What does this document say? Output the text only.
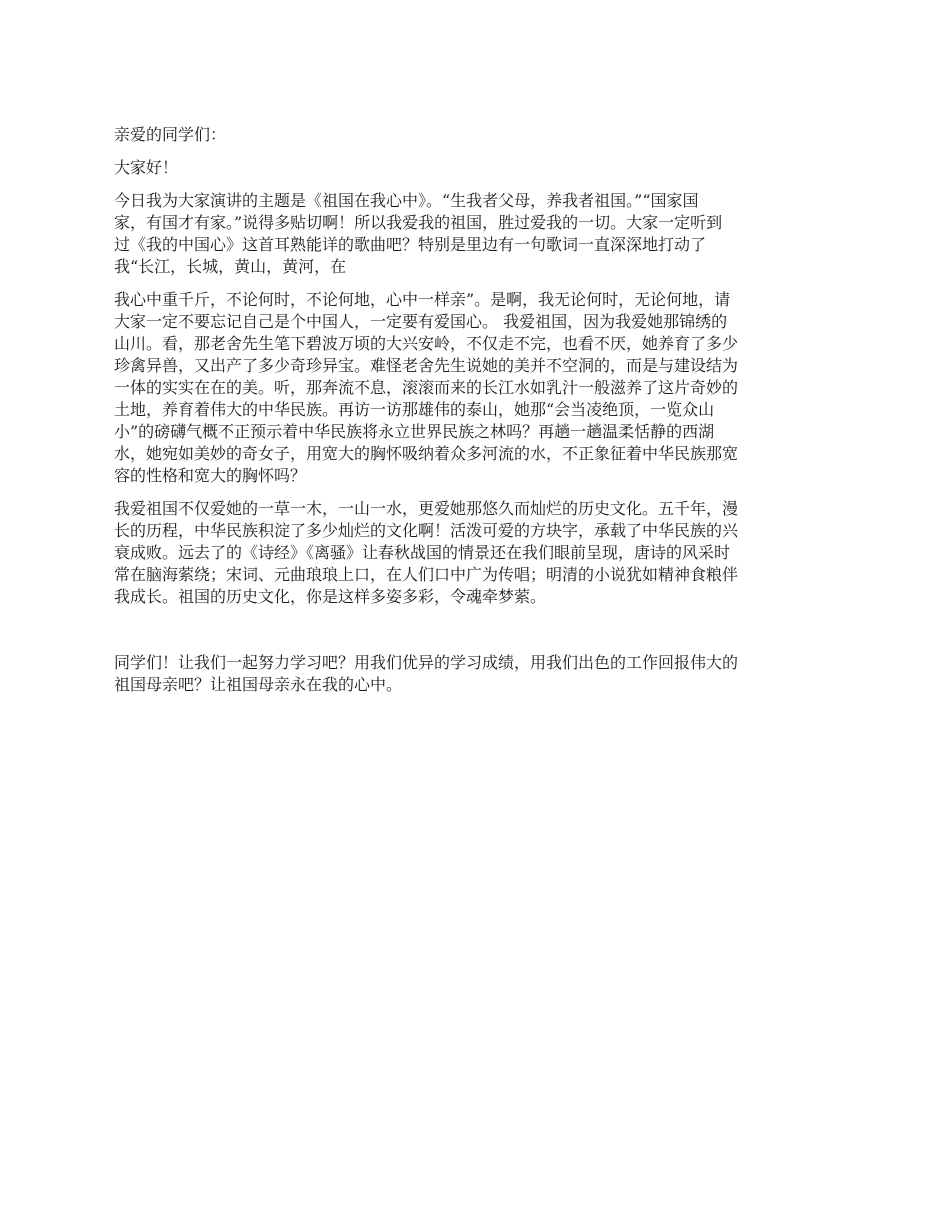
亲爱的同学们：

大家好！

今日我为大家演讲的主题是《祖国在我心中》。“生我者父母，养我者祖国。”“国家国
家，有国才有家。”说得多贴切啊！所以我爱我的祖国，胜过爱我的一切。大家一定听到
过《我的中国心》这首耳熟能详的歌曲吧？特别是里边有一句歌词一直深深地打动了
我“长江，长城，黄山，黄河，在

我心中重千斤，不论何时，不论何地，心中一样亲”。是啊，我无论何时，无论何地，请
大家一定不要忘记自己是个中国人，一定要有爱国心。 我爱祖国，因为我爱她那锦绣的
山川。看，那老舍先生笔下碧波万顷的大兴安岭，不仅走不完，也看不厌，她养育了多少
珍禽异兽，又出产了多少奇珍异宝。难怪老舍先生说她的美并不空洞的，而是与建设结为
一体的实实在在的美。听，那奔流不息，滚滚而来的长江水如乳汁一般滋养了这片奇妙的
土地，养育着伟大的中华民族。再访一访那雄伟的泰山，她那“会当凌绝顶，一览众山
小”的磅礴气概不正预示着中华民族将永立世界民族之林吗？再趟一趟温柔恬静的西湖
水，她宛如美妙的奇女子，用宽大的胸怀吸纳着众多河流的水，不正象征着中华民族那宽
容的性格和宽大的胸怀吗？

我爱祖国不仅爱她的一草一木，一山一水，更爱她那悠久而灿烂的历史文化。五千年，漫
长的历程，中华民族积淀了多少灿烂的文化啊！活泼可爱的方块字，承载了中华民族的兴
衰成败。远去了的《诗经》《离骚》让春秋战国的情景还在我们眼前呈现，唐诗的风采时
常在脑海萦绕；宋词、元曲琅琅上口，在人们口中广为传唱；明清的小说犹如精神食粮伴
我成长。祖国的历史文化，你是这样多姿多彩，令魂牵梦萦。

同学们！让我们一起努力学习吧？用我们优异的学习成绩，用我们出色的工作回报伟大的
祖国母亲吧？让祖国母亲永在我的心中。
